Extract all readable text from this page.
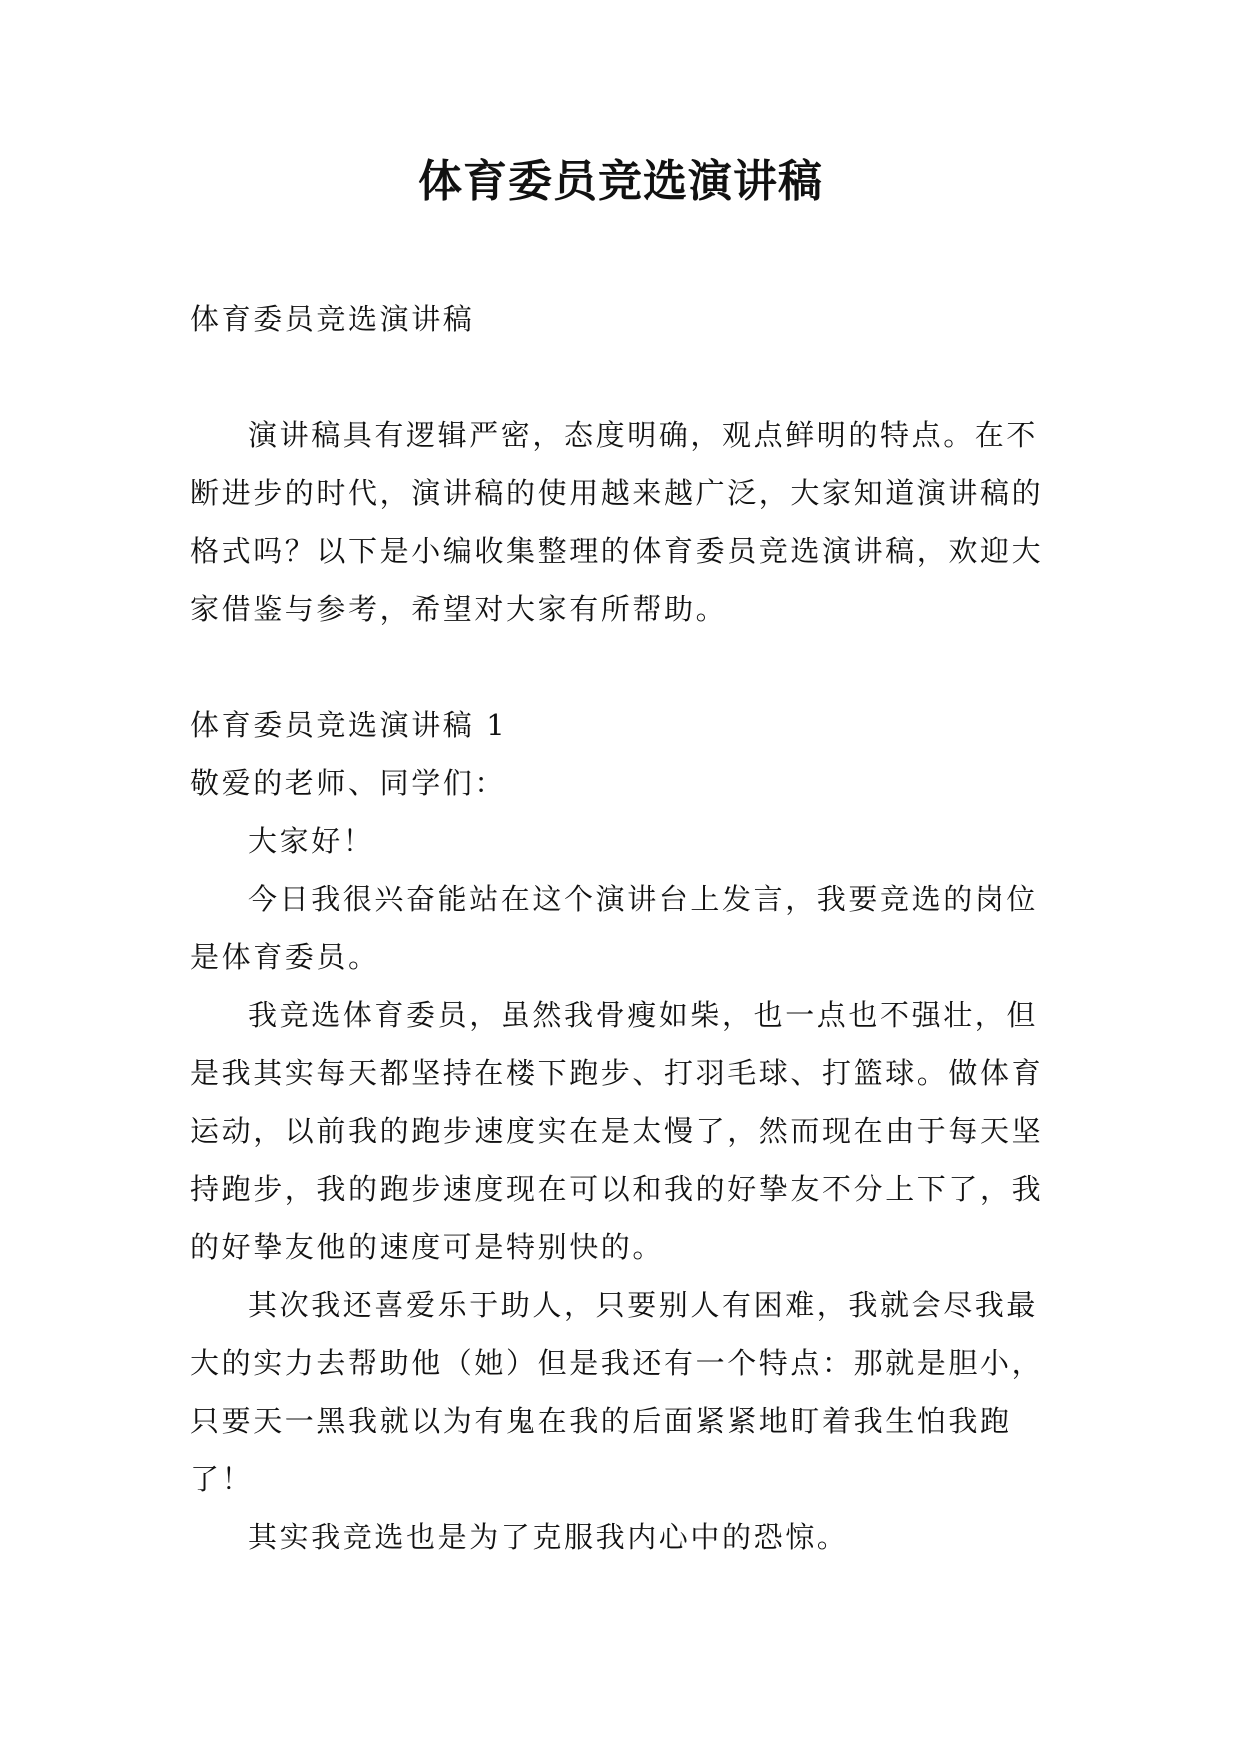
体育委员竞选演讲稿

体育委员竞选演讲稿

演讲稿具有逻辑严密，态度明确，观点鲜明的特点。在不断进步的时代，演讲稿的使用越来越广泛，大家知道演讲稿的格式吗？以下是小编收集整理的体育委员竞选演讲稿，欢迎大家借鉴与参考，希望对大家有所帮助。

体育委员竞选演讲稿 1

敬爱的老师、同学们：

大家好！

今日我很兴奋能站在这个演讲台上发言，我要竞选的岗位是体育委员。

我竞选体育委员，虽然我骨瘦如柴，也一点也不强壮，但是我其实每天都坚持在楼下跑步、打羽毛球、打篮球。做体育运动，以前我的跑步速度实在是太慢了，然而现在由于每天坚持跑步，我的跑步速度现在可以和我的好挚友不分上下了，我的好挚友他的速度可是特别快的。

其次我还喜爱乐于助人，只要别人有困难，我就会尽我最大的实力去帮助他（她）但是我还有一个特点：那就是胆小，只要天一黑我就以为有鬼在我的后面紧紧地盯着我生怕我跑了！

其实我竞选也是为了克服我内心中的恐惊。
